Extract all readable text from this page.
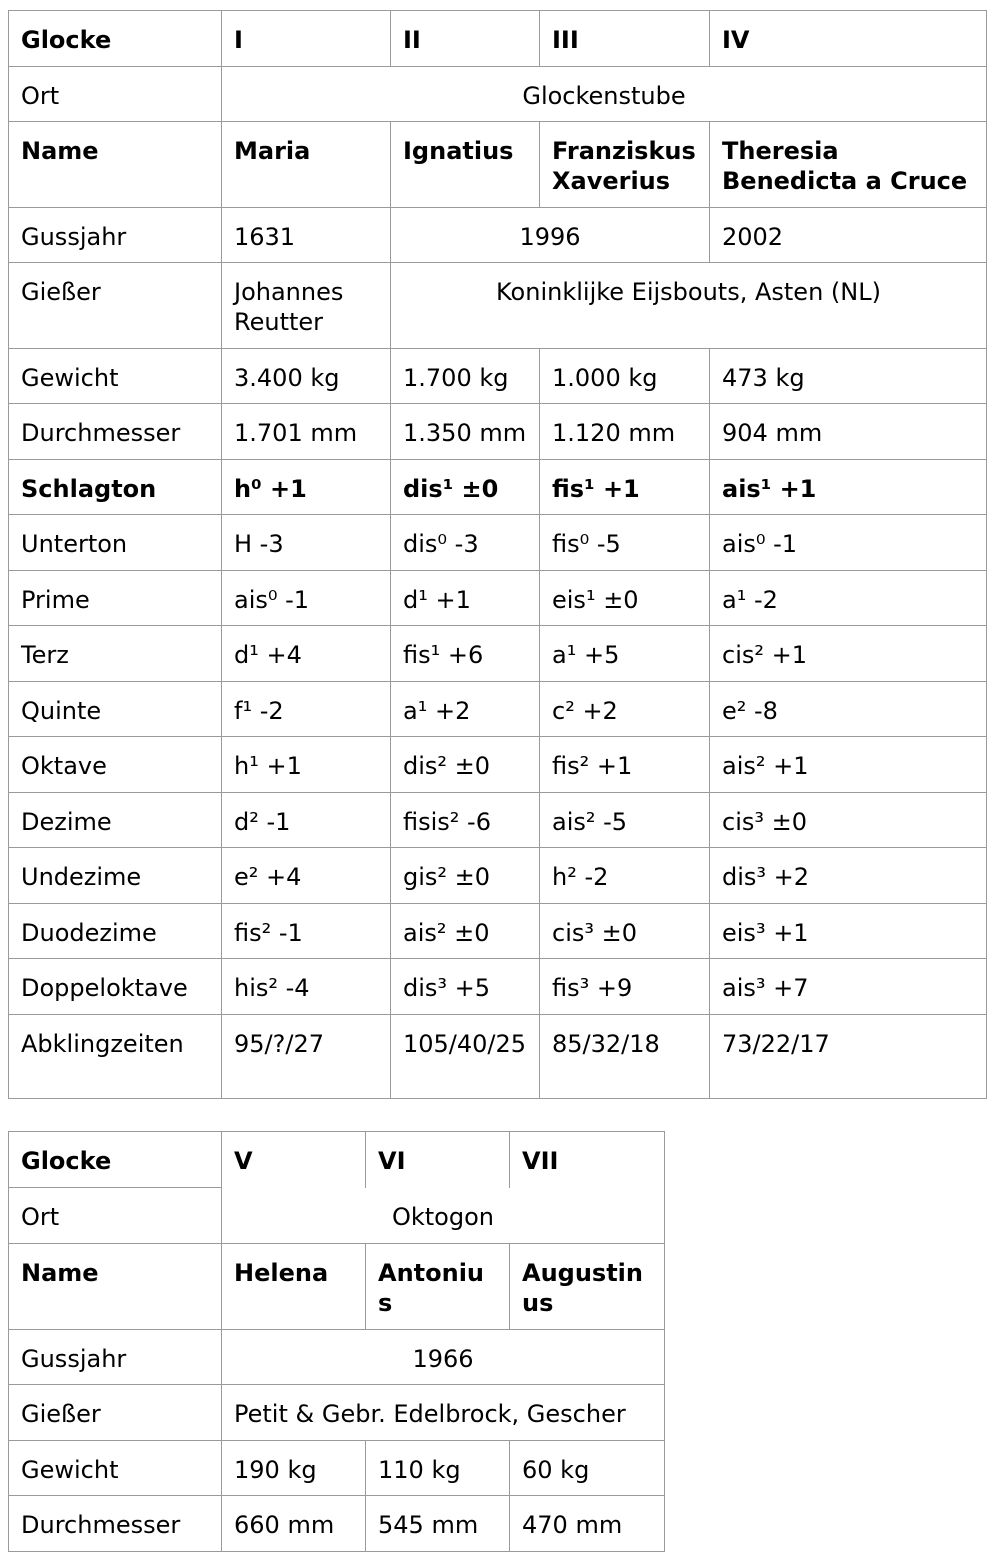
Glocke	I	II	III	IV
Ort	Glockenstube			
Name	Maria	Ignatius	Franziskus Xaverius	Theresia Benedicta a Cruce
Gussjahr	1631	1996		2002
Gießer	Johannes Reutter	Koninklijke Eijsbouts, Asten (NL)		
Gewicht	3.400 kg	1.700 kg	1.000 kg	473 kg
Durchmesser	1.701 mm	1.350 mm	1.120 mm	904 mm
Schlagton	h⁰ +1	dis¹ ±0	fis¹ +1	ais¹ +1
Unterton	H -3	dis⁰ -3	fis⁰ -5	ais⁰ -1
Prime	ais⁰ -1	d¹ +1	eis¹ ±0	a¹ -2
Terz	d¹ +4	fis¹ +6	a¹ +5	cis² +1
Quinte	f¹ -2	a¹ +2	c² +2	e² -8
Oktave	h¹ +1	dis² ±0	fis² +1	ais² +1
Dezime	d² -1	fisis² -6	ais² -5	cis³ ±0
Undezime	e² +4	gis² ±0	h² -2	dis³ +2
Duodezime	fis² -1	ais² ±0	cis³ ±0	eis³ +1
Doppeloktave	his² -4	dis³ +5	fis³ +9	ais³ +7
Abklingzeiten	95/?/27	105/40/25	85/32/18	73/22/17
Glocke	V	VI	VII
Ort	Oktogon		
Name	Helena	Antonius	Augustinus
Gussjahr	1966		
Gießer	Petit & Gebr. Edelbrock, Gescher		
Gewicht	190 kg	110 kg	60 kg
Durchmesser	660 mm	545 mm	470 mm
